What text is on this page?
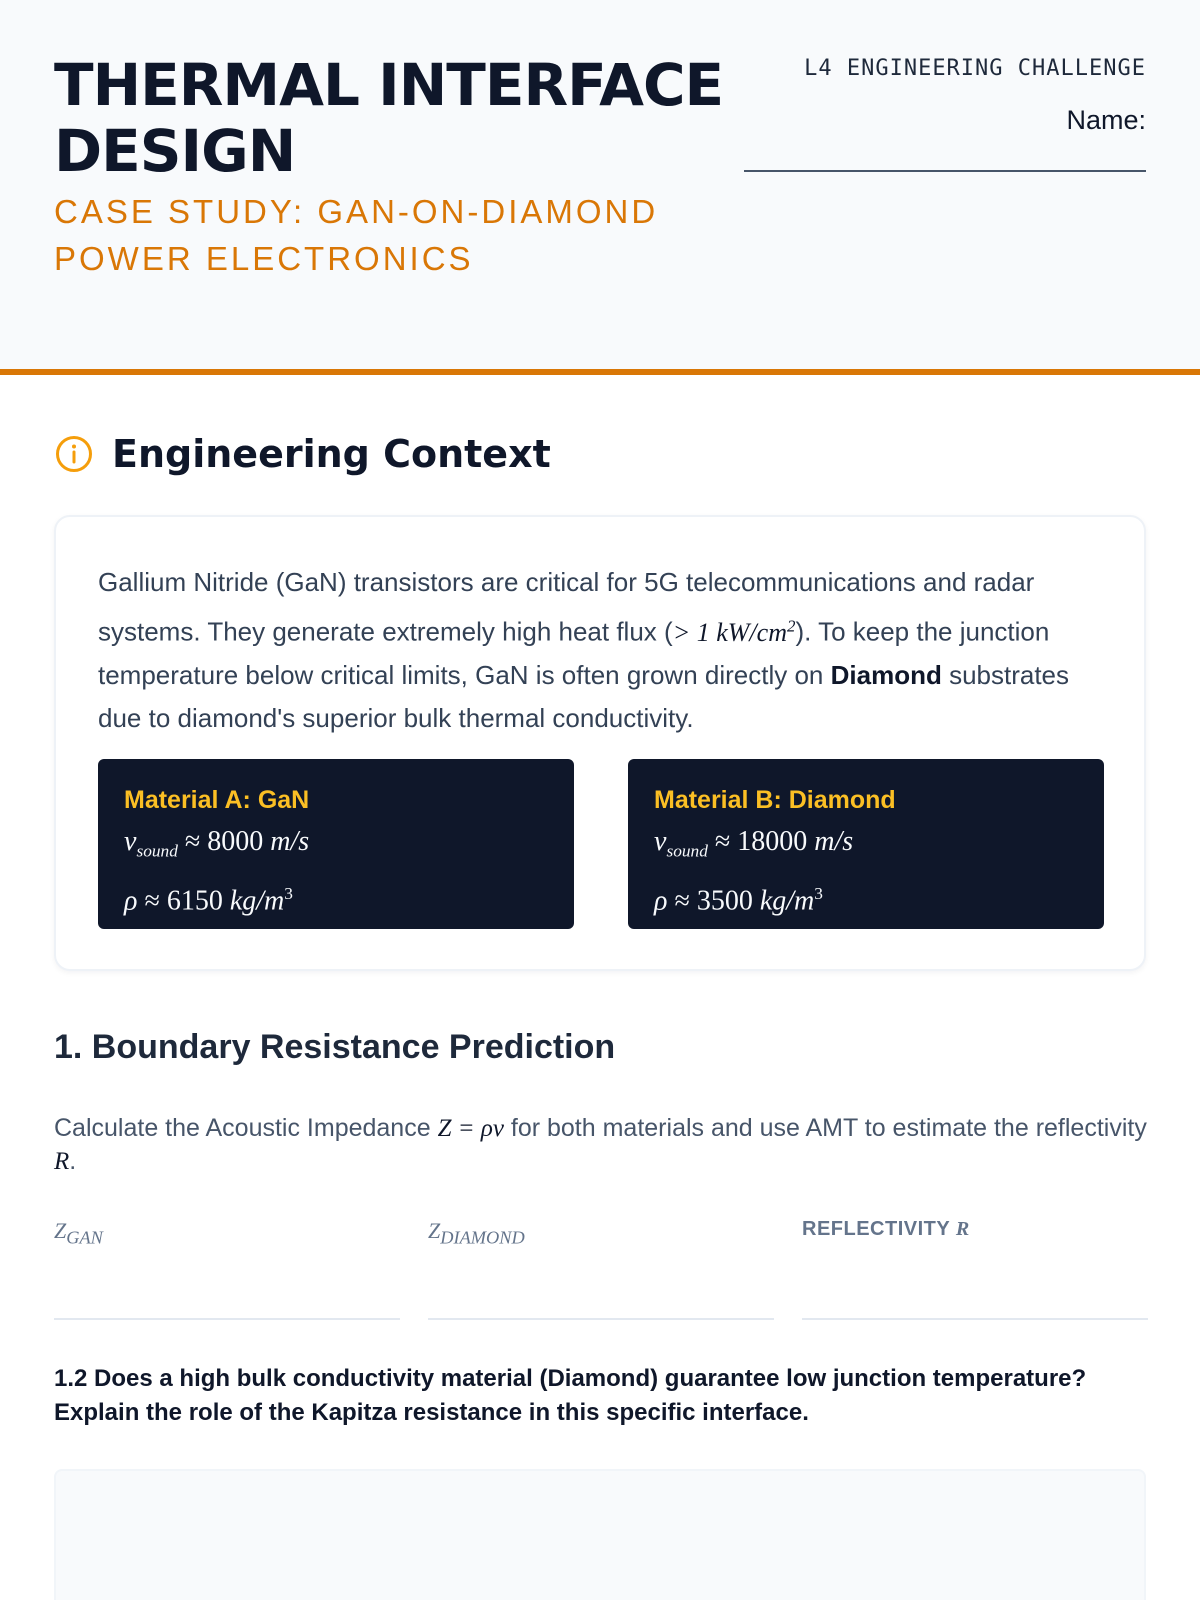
THERMAL INTERFACE DESIGN
CASE STUDY: GAN-ON-DIAMOND POWER ELECTRONICS
L4 ENGINEERING CHALLENGE
Name:
Engineering Context

Gallium Nitride (GaN) transistors are critical for 5G telecommunications and radar systems. They generate extremely high heat flux (> 1 $kW/cm^2$). To keep the junction temperature below critical limits, GaN is often grown directly on Diamond substrates due to diamond's superior bulk thermal conductivity.

Material A: GaN
$v_{sound} \approx 8000$ m/s
ρ ≈ 6150 $kg/m^3$
Material B: Diamond
$v_{sound} \approx 18000$ m/s
ρ ≈ 3500 $kg/m^3$
1. Boundary Resistance Prediction

Calculate the Acoustic Impedance Z = ρv for both materials and use AMT to estimate the reflectivity R.

$Z_{GAN}$	$Z_{DIAMOND}$	REFLECTIVITY R

1.2 Does a high bulk conductivity material (Diamond) guarantee low junction temperature? Explain the role of the Kapitza resistance in this specific interface.
